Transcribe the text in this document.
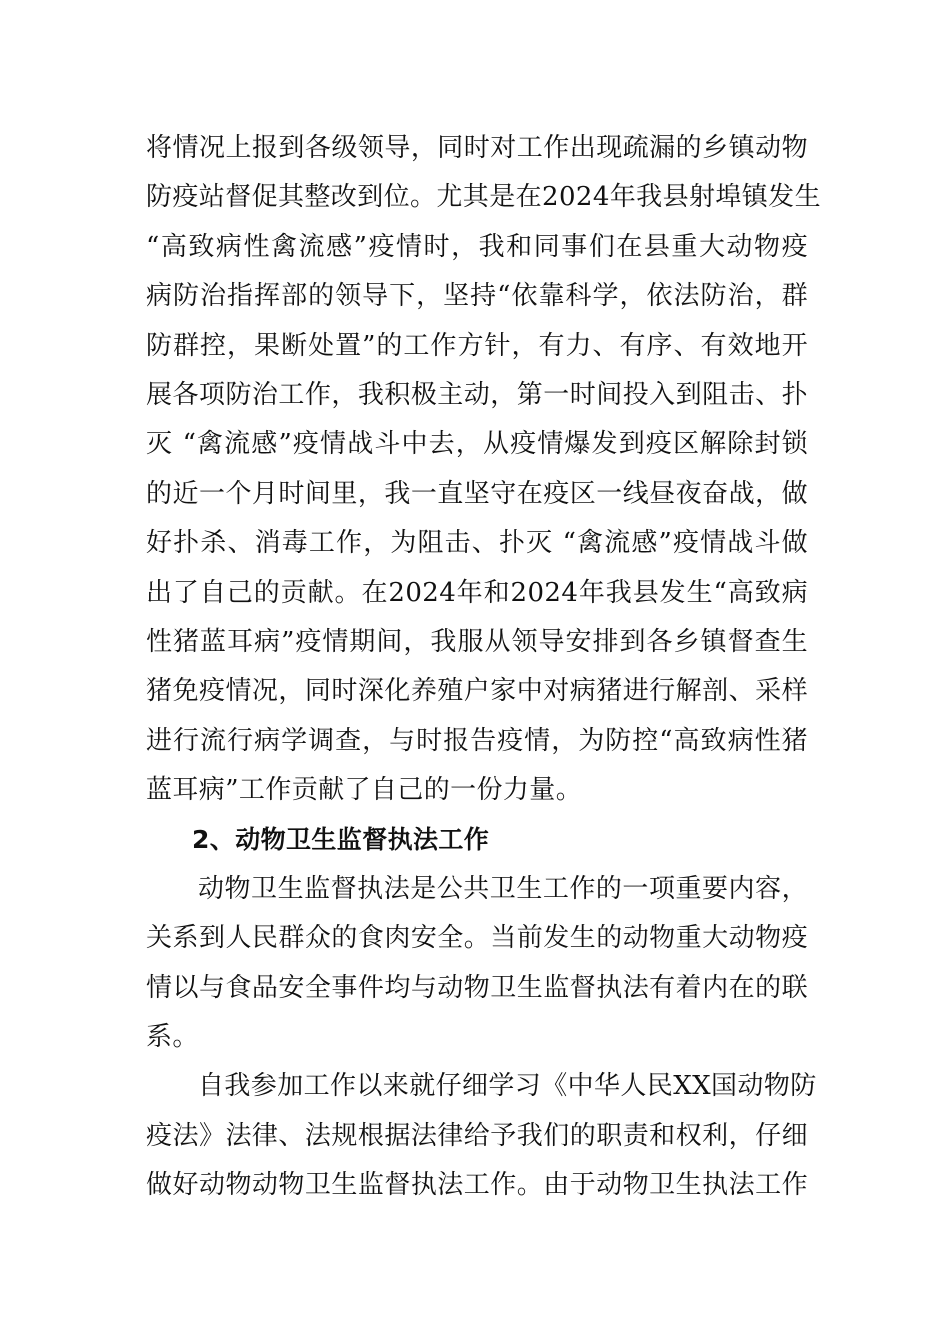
将情况上报到各级领导，同时对工作出现疏漏的乡镇动物
防疫站督促其整改到位。尤其是在2024年我县射埠镇发生
“高致病性禽流感”疫情时，我和同事们在县重大动物疫
病防治指挥部的领导下，坚持“依靠科学，依法防治，群
防群控，果断处置”的工作方针，有力、有序、有效地开
展各项防治工作，我积极主动，第一时间投入到阻击、扑
灭 “禽流感”疫情战斗中去，从疫情爆发到疫区解除封锁
的近一个月时间里，我一直坚守在疫区一线昼夜奋战，做
好扑杀、消毒工作，为阻击、扑灭 “禽流感”疫情战斗做
出了自己的贡献。在2024年和2024年我县发生“高致病
性猪蓝耳病”疫情期间，我服从领导安排到各乡镇督查生
猪免疫情况，同时深化养殖户家中对病猪进行解剖、采样
进行流行病学调查，与时报告疫情，为防控“高致病性猪
蓝耳病”工作贡献了自己的一份力量。
2、动物卫生监督执法工作
动物卫生监督执法是公共卫生工作的一项重要内容，
关系到人民群众的食肉安全。当前发生的动物重大动物疫
情以与食品安全事件均与动物卫生监督执法有着内在的联
系。
自我参加工作以来就仔细学习《中华人民XX国动物防
疫法》法律、法规根据法律给予我们的职责和权利，仔细
做好动物动物卫生监督执法工作。由于动物卫生执法工作
